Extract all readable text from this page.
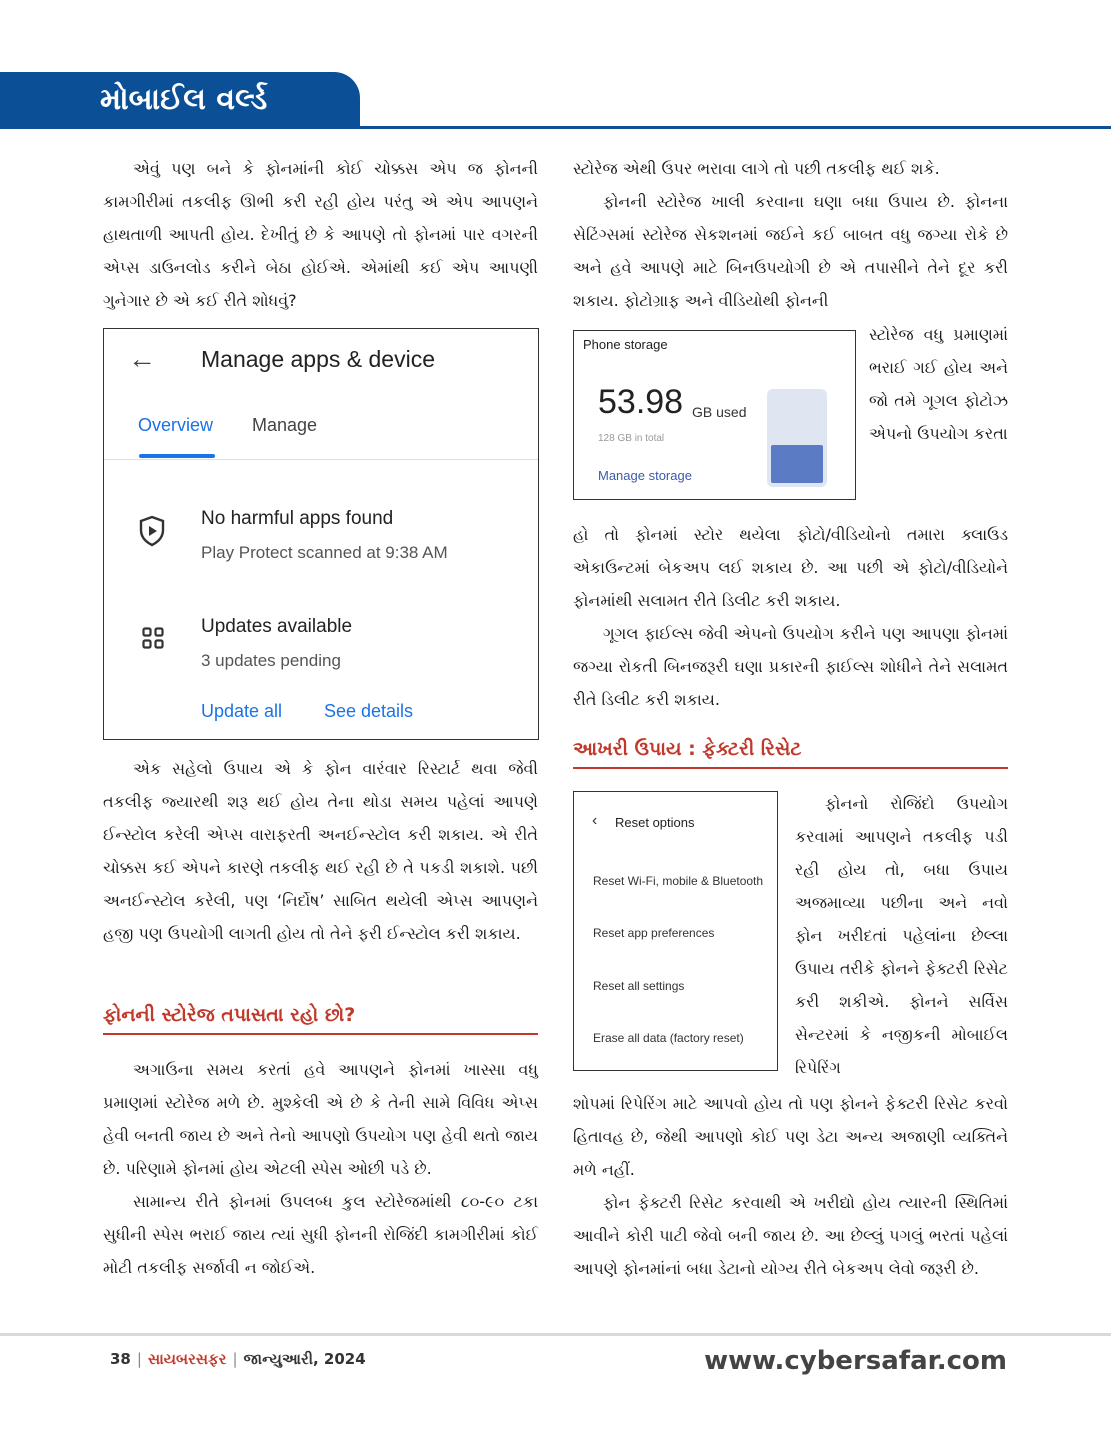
મોબાઈલ વર્લ્ડ

એવું પણ બને કે ફોનમાંની કોઈ ચોક્કસ એપ જ ફોનની કામગીરીમાં તકલીફ ઊભી કરી રહી હોય પરંતુ એ એપ આપણને હાથતાળી આપતી હોય. દેખીતું છે કે આપણે તો ફોનમાં પાર વગરની એપ્સ ડાઉનલોડ કરીને બેઠા હોઈએ. એમાંથી કઈ એપ આપણી ગુનેગાર છે એ કઈ રીતે શોધવું?

← Manage apps & device
Overview Manage
No harmful apps found
Play Protect scanned at 9:38 AM
Updates available
3 updates pending
Update all See details

એક સહેલો ઉપાય એ કે ફોન વારંવાર રિસ્ટાર્ટ થવા જેવી તકલીફ જ્યારથી શરૂ થઈ હોય તેના થોડા સમય પહેલાં આપણે ઈન્સ્ટોલ કરેલી એપ્સ વારાફરતી અનઈન્સ્ટોલ કરી શકાય. એ રીતે ચોક્કસ કઈ એપને કારણે તકલીફ થઈ રહી છે તે પકડી શકાશે. પછી અનઈન્સ્ટોલ કરેલી, પણ ‘નિર્દોષ’ સાબિત થયેલી એપ્સ આપણને હજી પણ ઉપયોગી લાગતી હોય તો તેને ફરી ઈન્સ્ટોલ કરી શકાય.

ફોનની સ્ટોરેજ તપાસતા રહો છો?

અગાઉના સમય કરતાં હવે આપણને ફોનમાં ખાસ્સા વધુ પ્રમાણમાં સ્ટોરેજ મળે છે. મુશ્કેલી એ છે કે તેની સામે વિવિધ એપ્સ હેવી બનતી જાય છે અને તેનો આપણો ઉપયોગ પણ હેવી થતો જાય છે. પરિણામે ફોનમાં હોય એટલી સ્પેસ ઓછી પડે છે.

સામાન્ય રીતે ફોનમાં ઉપલબ્ધ કુલ સ્ટોરેજમાંથી ૮૦-૯૦ ટકા સુધીની સ્પેસ ભરાઈ જાય ત્યાં સુધી ફોનની રોજિંદી કામગીરીમાં કોઈ મોટી તકલીફ સર્જાવી ન જોઈએ.

સ્ટોરેજ એથી ઉપર ભરાવા લાગે તો પછી તકલીફ થઈ શકે.

ફોનની સ્ટોરેજ ખાલી કરવાના ઘણા બધા ઉપાય છે. ફોનના સેટિંગ્સમાં સ્ટોરેજ સેકશનમાં જઈને કઈ બાબત વધુ જગ્યા રોકે છે અને હવે આપણે માટે બિનઉપયોગી છે એ તપાસીને તેને દૂર કરી શકાય. ફોટોગ્રાફ અને વીડિયોથી ફોનની

Phone storage
53.98 GB used
128 GB in total
Manage storage

સ્ટોરેજ વધુ પ્રમાણમાં ભરાઈ ગઈ હોય અને જો તમે ગૂગલ ફોટોઝ એપનો ઉપયોગ કરતા

હો તો ફોનમાં સ્ટોર થયેલા ફોટો/વીડિયોનો તમારા ક્લાઉડ એકાઉન્ટમાં બેકઅપ લઈ શકાય છે. આ પછી એ ફોટો/વીડિયોને ફોનમાંથી સલામત રીતે ડિલીટ કરી શકાય.

ગૂગલ ફાઈલ્સ જેવી એપનો ઉપયોગ કરીને પણ આપણા ફોનમાં જગ્યા રોકતી બિનજરૂરી ઘણા પ્રકારની ફાઈલ્સ શોધીને તેને સલામત રીતે ડિલીટ કરી શકાય.

આખરી ઉપાય : ફેક્ટરી રિસેટ
‹ Reset options
Reset Wi-Fi, mobile & Bluetooth
Reset app preferences
Reset all settings
Erase all data (factory reset)

ફોનનો રોજિંદો ઉપયોગ કરવામાં આપણને તકલીફ પડી રહી હોય તો, બધા ઉપાય અજમાવ્યા પછીના અને નવો ફોન ખરીદતાં પહેલાંના છેલ્લા ઉપાય તરીકે ફોનને ફેક્ટરી રિસેટ કરી શકીએ. ફોનને સર્વિસ સેન્ટરમાં કે નજીકની મોબાઈલ રિપેરિંગ

શોપમાં રિપેરિંગ માટે આપવો હોય તો પણ ફોનને ફેક્ટરી રિસેટ કરવો હિતાવહ છે, જેથી આપણો કોઈ પણ ડેટા અન્ય અજાણી વ્યક્તિને મળે નહીં.

ફોન ફેક્ટરી રિસેટ કરવાથી એ ખરીદ્યો હોય ત્યારની સ્થિતિમાં આવીને કોરી પાટી જેવો બની જાય છે. આ છેલ્લું પગલું ભરતાં પહેલાં આપણે ફોનમાંનાં બધા ડેટાનો યોગ્ય રીતે બેકઅપ લેવો જરૂરી છે.

38 | સાયબરસફર | જાન્યુઆરી, 2024	www.cybersafar.com
